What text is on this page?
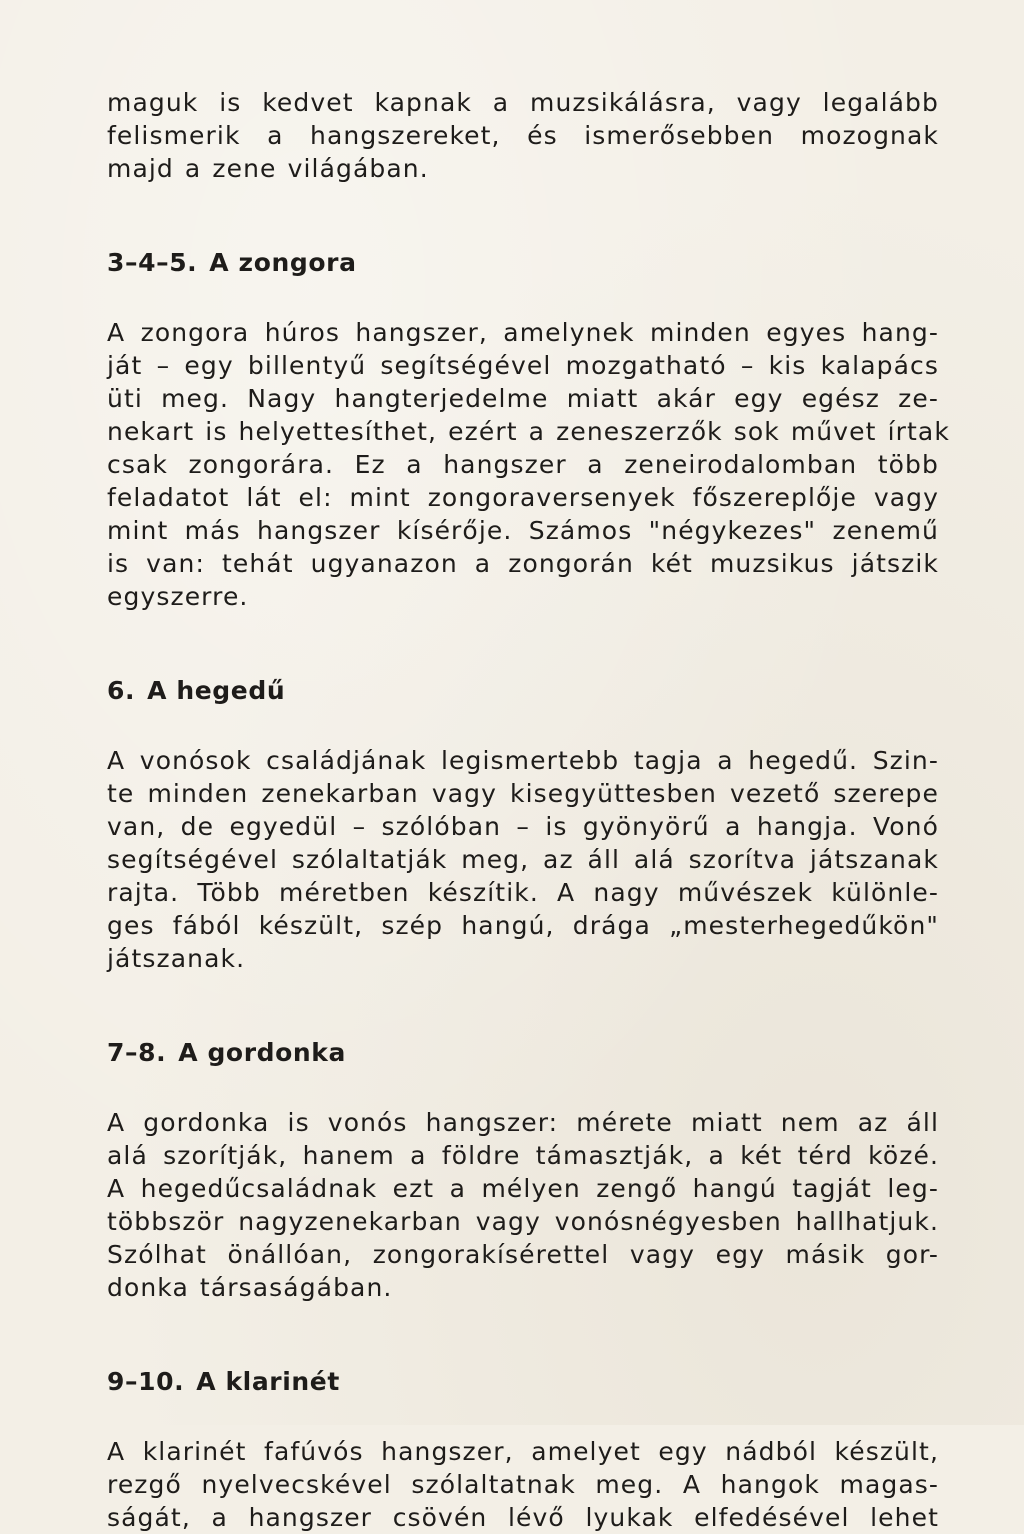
maguk is kedvet kapnak a muzsikálásra, vagy legalább
felismerik a hangszereket, és ismerősebben mozognak
majd a zene világában.

3–4–5. A zongora

A zongora húros hangszer, amelynek minden egyes hang-
ját – egy billentyű segítségével mozgatható – kis kalapács
üti meg. Nagy hangterjedelme miatt akár egy egész ze-
nekart is helyettesíthet, ezért a zeneszerzők sok művet írtak
csak zongorára. Ez a hangszer a zeneirodalomban több
feladatot lát el: mint zongoraversenyek főszereplője vagy
mint más hangszer kísérője. Számos "négykezes" zenemű
is van: tehát ugyanazon a zongorán két muzsikus játszik
egyszerre.

6. A hegedű

A vonósok családjának legismertebb tagja a hegedű. Szin-
te minden zenekarban vagy kisegyüttesben vezető szerepe
van, de egyedül – szólóban – is gyönyörű a hangja. Vonó
segítségével szólaltatják meg, az áll alá szorítva játszanak
rajta. Több méretben készítik. A nagy művészek különle-
ges fából készült, szép hangú, drága „mesterhegedűkön"
játszanak.

7–8. A gordonka

A gordonka is vonós hangszer: mérete miatt nem az áll
alá szorítják, hanem a földre támasztják, a két térd közé.
A hegedűcsaládnak ezt a mélyen zengő hangú tagját leg-
többször nagyzenekarban vagy vonósnégyesben hallhatjuk.
Szólhat önállóan, zongorakísérettel vagy egy másik gor-
donka társaságában.

9–10. A klarinét

A klarinét fafúvós hangszer, amelyet egy nádból készült,
rezgő nyelvecskével szólaltatnak meg. A hangok magas-
ságát, a hangszer csövén lévő lyukak elfedésével lehet
